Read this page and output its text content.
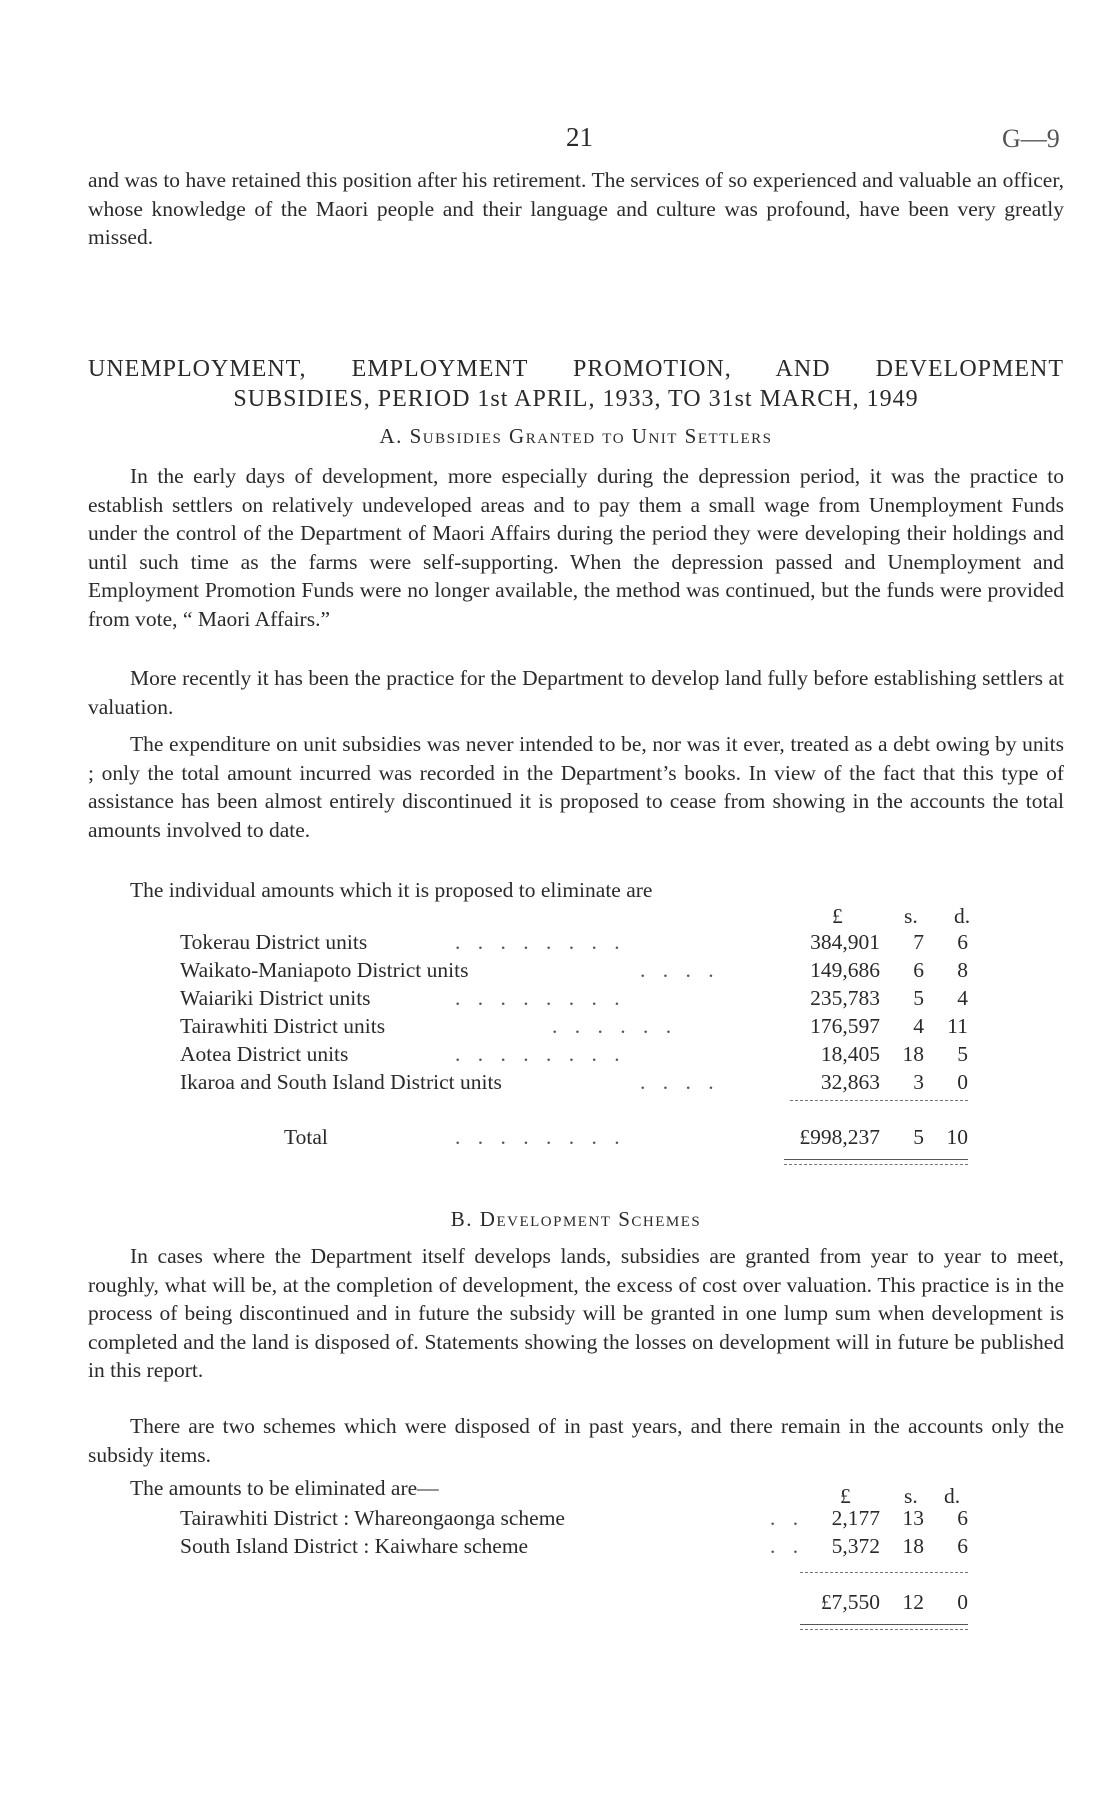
21	G—9

and was to have retained this position after his retirement. The services of so experienced and valuable an officer, whose knowledge of the Maori people and their language and culture was profound, have been very greatly missed.

UNEMPLOYMENT, EMPLOYMENT PROMOTION, AND DEVELOPMENT
SUBSIDIES, PERIOD 1st APRIL, 1933, TO 31st MARCH, 1949
A. Subsidies Granted to Unit Settlers

In the early days of development, more especially during the depression period, it was the practice to establish settlers on relatively undeveloped areas and to pay them a small wage from Unemployment Funds under the control of the Department of Maori Affairs during the period they were developing their holdings and until such time as the farms were self-supporting. When the depression passed and Unemployment and Employment Promotion Funds were no longer available, the method was continued, but the funds were provided from vote, “ Maori Affairs.”

More recently it has been the practice for the Department to develop land fully before establishing settlers at valuation.

The expenditure on unit subsidies was never intended to be, nor was it ever, treated as a debt owing by units ; only the total amount incurred was recorded in the Department’s books. In view of the fact that this type of assistance has been almost entirely discontinued it is proposed to cease from showing in the accounts the total amounts involved to date.

The individual amounts which it is proposed to eliminate are

£	s. d.
Tokerau District units	. . . . . . . .	384,901	7	6
Waikato-Maniapoto District units	. . . .	149,686	6	8
Waiariki District units	. . . . . . . .	235,783	5	4
Tairawhiti District units	. . . . . .	176,597	4	11
Aotea District units	. . . . . . . .	18,405	18	5
Ikaroa and South Island District units	. . . .	32,863	3	0
Total	. . . . . . . .	£998,237	5	10
B. Development Schemes

In cases where the Department itself develops lands, subsidies are granted from year to year to meet, roughly, what will be, at the completion of development, the excess of cost over valuation. This practice is in the process of being discontinued and in future the subsidy will be granted in one lump sum when development is completed and the land is disposed of. Statements showing the losses on development will in future be published in this report.

There are two schemes which were disposed of in past years, and there remain in the accounts only the subsidy items.

The amounts to be eliminated are—	£ s. d.
Tairawhiti District : Whareongaonga scheme	. .	2,177	13	6
South Island District : Kaiwhare scheme	. .	5,372	18	6
£7,550	12	0
